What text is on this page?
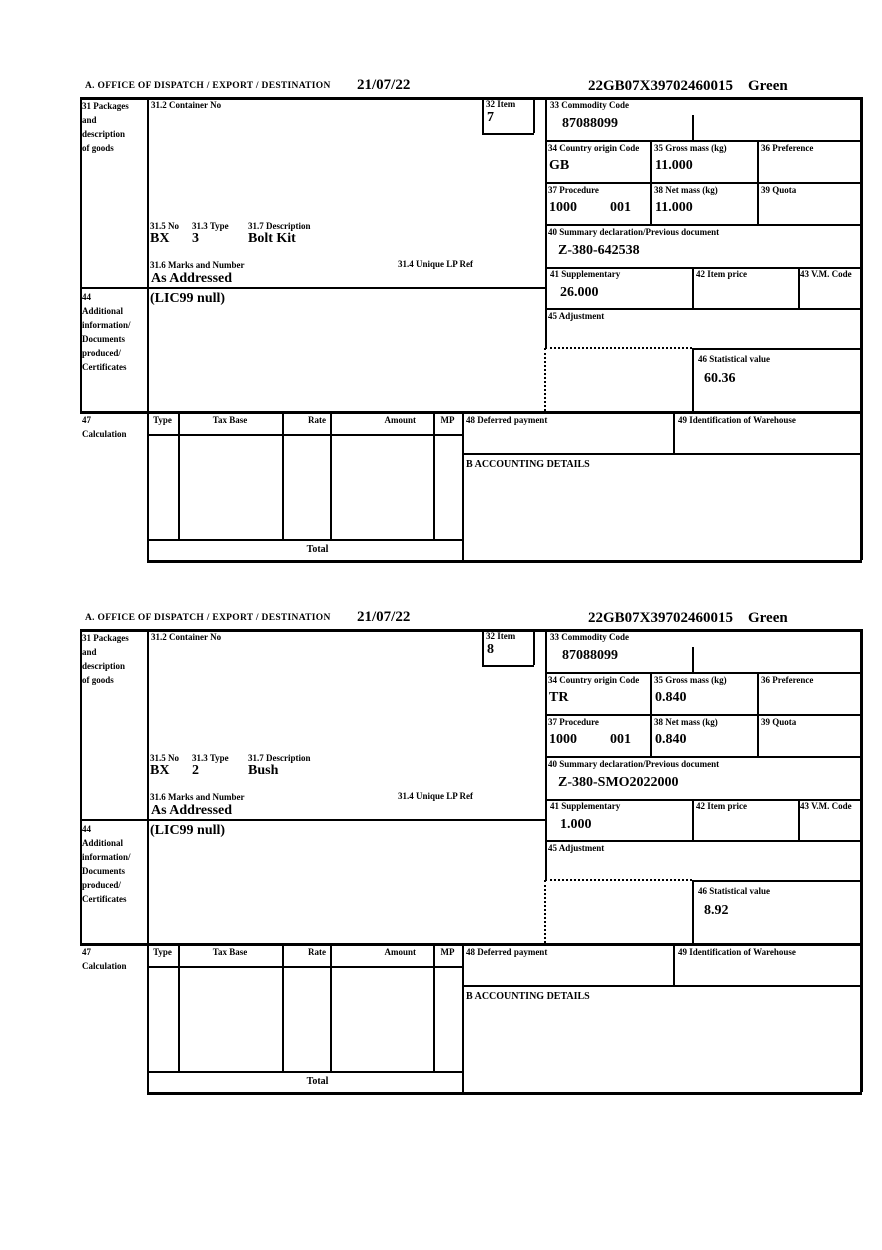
A. OFFICE OF DISPATCH / EXPORT / DESTINATION 21/07/22	22GB07X39702460015 Green
31 Packages
and
description
of goods
31.2 Container No
31.5 No 31.3 Type 31.7 Description
BX 3	Bolt Kit
31.6 Marks and Number	31.4 Unique LP Ref
As Addressed
32 Item
7
33 Commodity Code
87088099
34 Country origin Code
GB
35 Gross mass (kg)
11.000
36 Preference
37 Procedure
1000 001
38 Net mass (kg)
11.000
39 Quota
40 Summary declaration/Previous document
Z-380-642538
41 Supplementary
26.000
42 Item price	43 V.M. Code
45 Adjustment
46 Statistical value
60.36
44
Additional
information/
Documents
produced/
Certificates
(LIC99 null)
47
Calculation
Type	Tax Base	Rate	Amount	MP
Total
48 Deferred payment	49 Identification of Warehouse
B ACCOUNTING DETAILS
A. OFFICE OF DISPATCH / EXPORT / DESTINATION 21/07/22	22GB07X39702460015 Green
31 Packages
and
description
of goods
31.2 Container No
31.5 No 31.3 Type 31.7 Description
BX 2	Bush
31.6 Marks and Number	31.4 Unique LP Ref
As Addressed
32 Item
8
33 Commodity Code
87088099
34 Country origin Code
TR
35 Gross mass (kg)
0.840
36 Preference
37 Procedure
1000 001
38 Net mass (kg)
0.840
39 Quota
40 Summary declaration/Previous document
Z-380-SMO2022000
41 Supplementary
1.000
42 Item price	43 V.M. Code
45 Adjustment
46 Statistical value
8.92
44
Additional
information/
Documents
produced/
Certificates
(LIC99 null)
47
Calculation
Type	Tax Base	Rate	Amount	MP
Total
48 Deferred payment	49 Identification of Warehouse
B ACCOUNTING DETAILS
